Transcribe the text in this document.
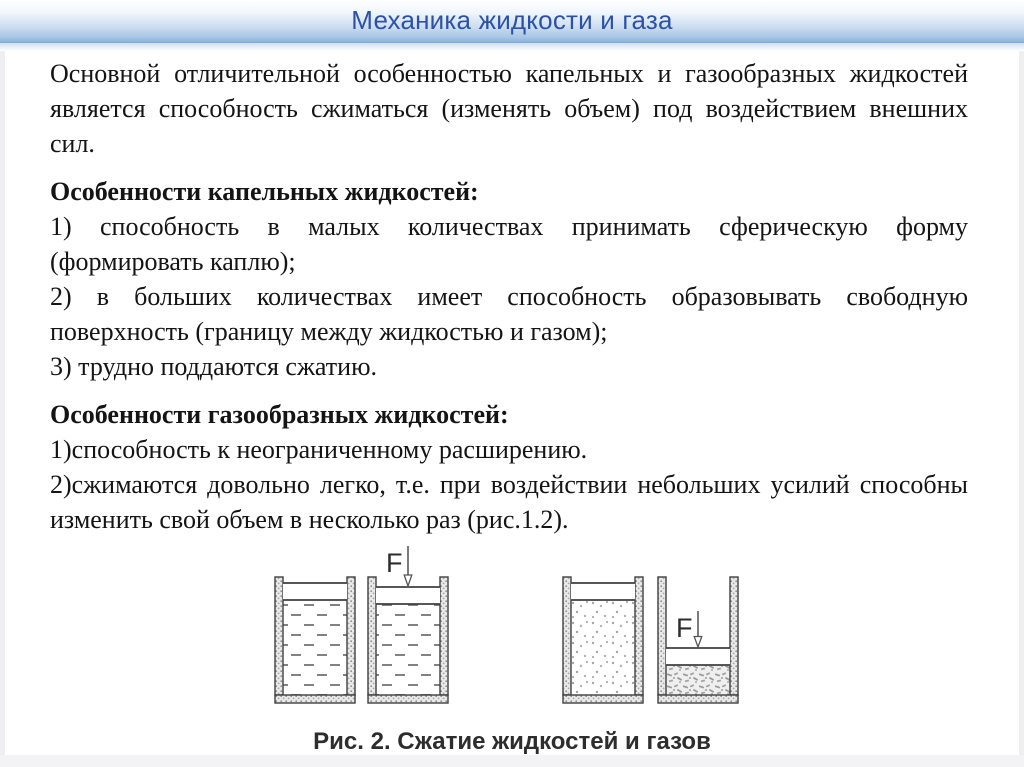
Механика жидкости и газа

Основной отличительной особенностью капельных и газообразных жидкостей является способность сжиматься (изменять объем) под воздействием внешних сил.

Особенности капельных жидкостей:

1) способность в малых количествах принимать сферическую форму (формировать каплю);

2) в больших количествах имеет способность образовывать свободную поверхность (границу между жидкостью и газом);

3) трудно поддаются сжатию.

Особенности газообразных жидкостей:

1)способность к неограниченному расширению.

2)сжимаются довольно легко, т.е. при воздействии небольших усилий способны изменить свой объем в несколько раз (рис.1.2).

F
F
Рис. 2. Сжатие жидкостей и газов
